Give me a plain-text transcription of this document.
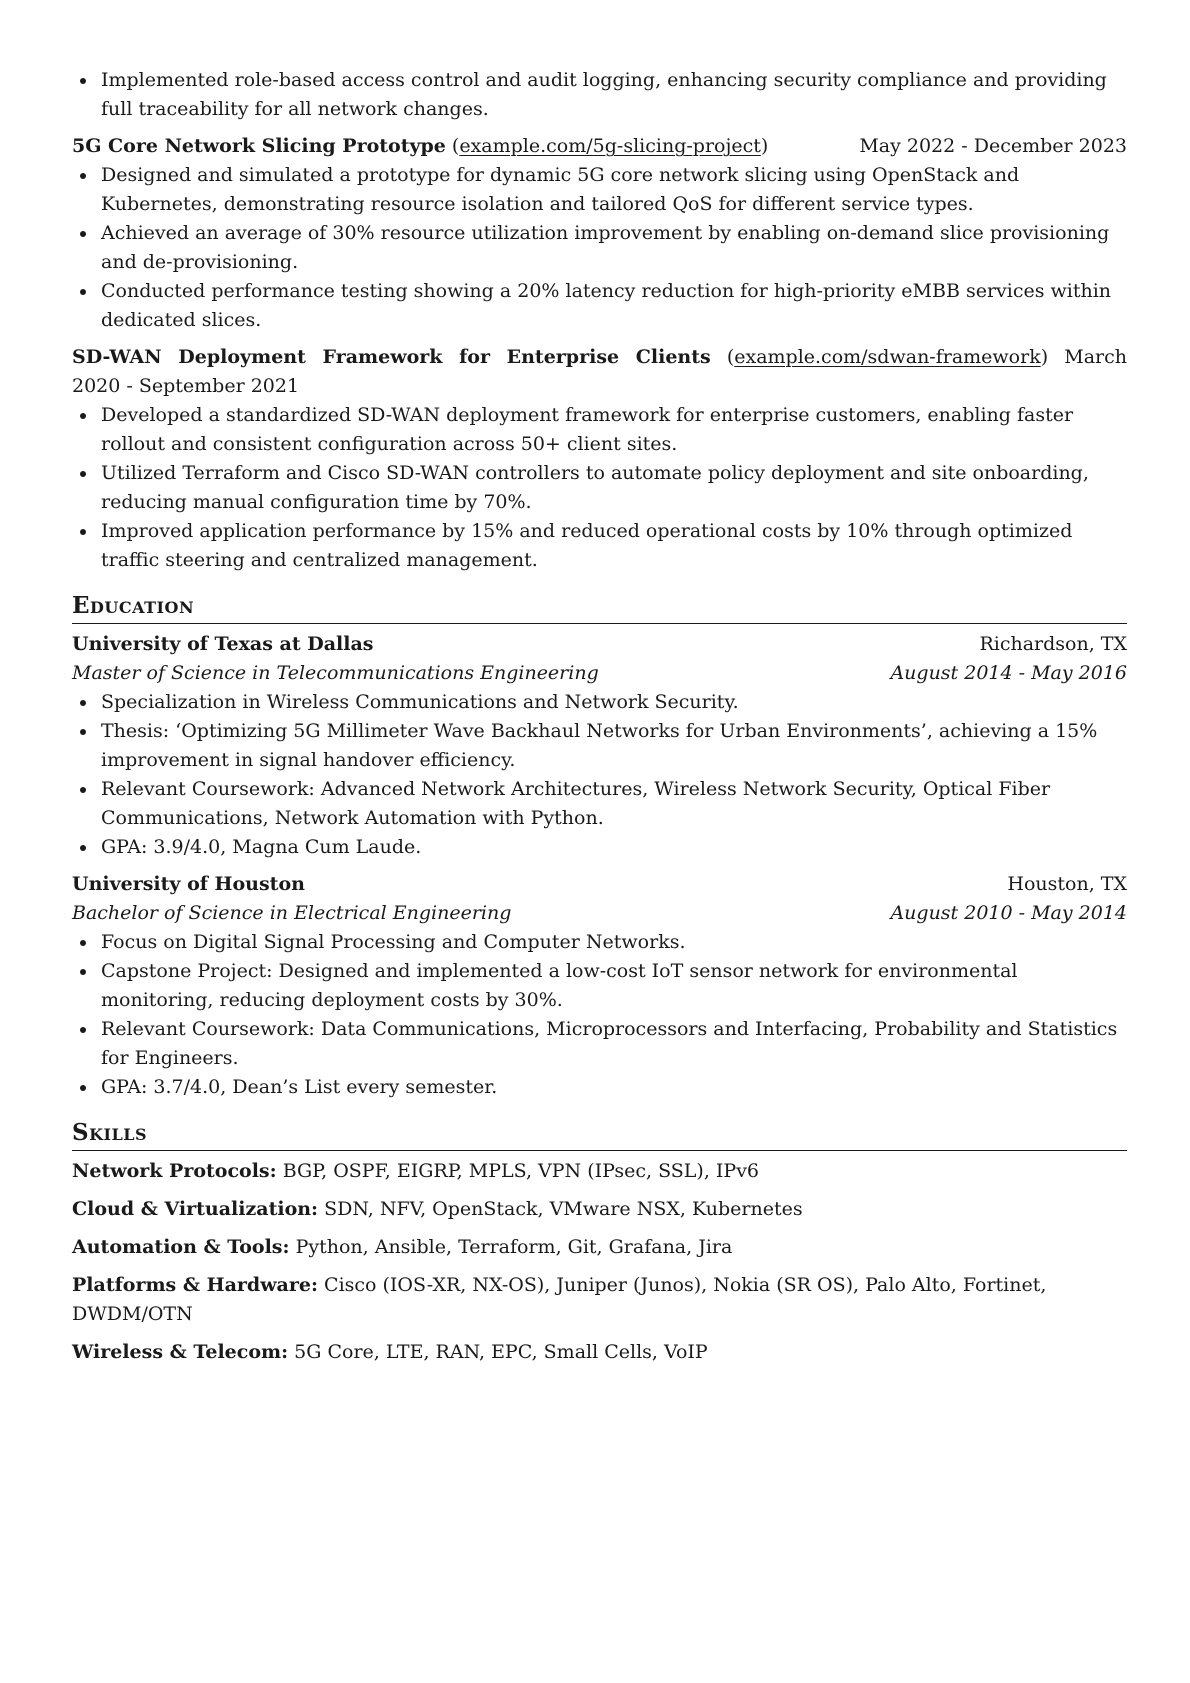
Implemented role-based access control and audit logging, enhancing security compliance and providing full traceability for all network changes.
5G Core Network Slicing Prototype (example.com/5g-slicing-project)	May 2022 - December 2023
Designed and simulated a prototype for dynamic 5G core network slicing using OpenStack and Kubernetes, demonstrating resource isolation and tailored QoS for different service types.
Achieved an average of 30% resource utilization improvement by enabling on-demand slice provisioning and de-provisioning.
Conducted performance testing showing a 20% latency reduction for high-priority eMBB services within dedicated slices.
SD-WAN Deployment Framework for Enterprise Clients (example.com/sdwan-framework) March
2020 - September 2021
Developed a standardized SD-WAN deployment framework for enterprise customers, enabling faster rollout and consistent configuration across 50+ client sites.
Utilized Terraform and Cisco SD-WAN controllers to automate policy deployment and site onboarding, reducing manual configuration time by 70%.
Improved application performance by 15% and reduced operational costs by 10% through optimized traffic steering and centralized management.
Education
University of Texas at Dallas	Richardson, TX
Master of Science in Telecommunications Engineering	August 2014 - May 2016
Specialization in Wireless Communications and Network Security.
Thesis: ‘Optimizing 5G Millimeter Wave Backhaul Networks for Urban Environments’, achieving a 15% improvement in signal handover efficiency.
Relevant Coursework: Advanced Network Architectures, Wireless Network Security, Optical Fiber Communications, Network Automation with Python.
GPA: 3.9/4.0, Magna Cum Laude.
University of Houston	Houston, TX
Bachelor of Science in Electrical Engineering	August 2010 - May 2014
Focus on Digital Signal Processing and Computer Networks.
Capstone Project: Designed and implemented a low-cost IoT sensor network for environmental monitoring, reducing deployment costs by 30%.
Relevant Coursework: Data Communications, Microprocessors and Interfacing, Probability and Statistics for Engineers.
GPA: 3.7/4.0, Dean’s List every semester.
Skills
Network Protocols: BGP, OSPF, EIGRP, MPLS, VPN (IPsec, SSL), IPv6
Cloud & Virtualization: SDN, NFV, OpenStack, VMware NSX, Kubernetes
Automation & Tools: Python, Ansible, Terraform, Git, Grafana, Jira
Platforms & Hardware: Cisco (IOS-XR, NX-OS), Juniper (Junos), Nokia (SR OS), Palo Alto, Fortinet, DWDM/OTN
Wireless & Telecom: 5G Core, LTE, RAN, EPC, Small Cells, VoIP
